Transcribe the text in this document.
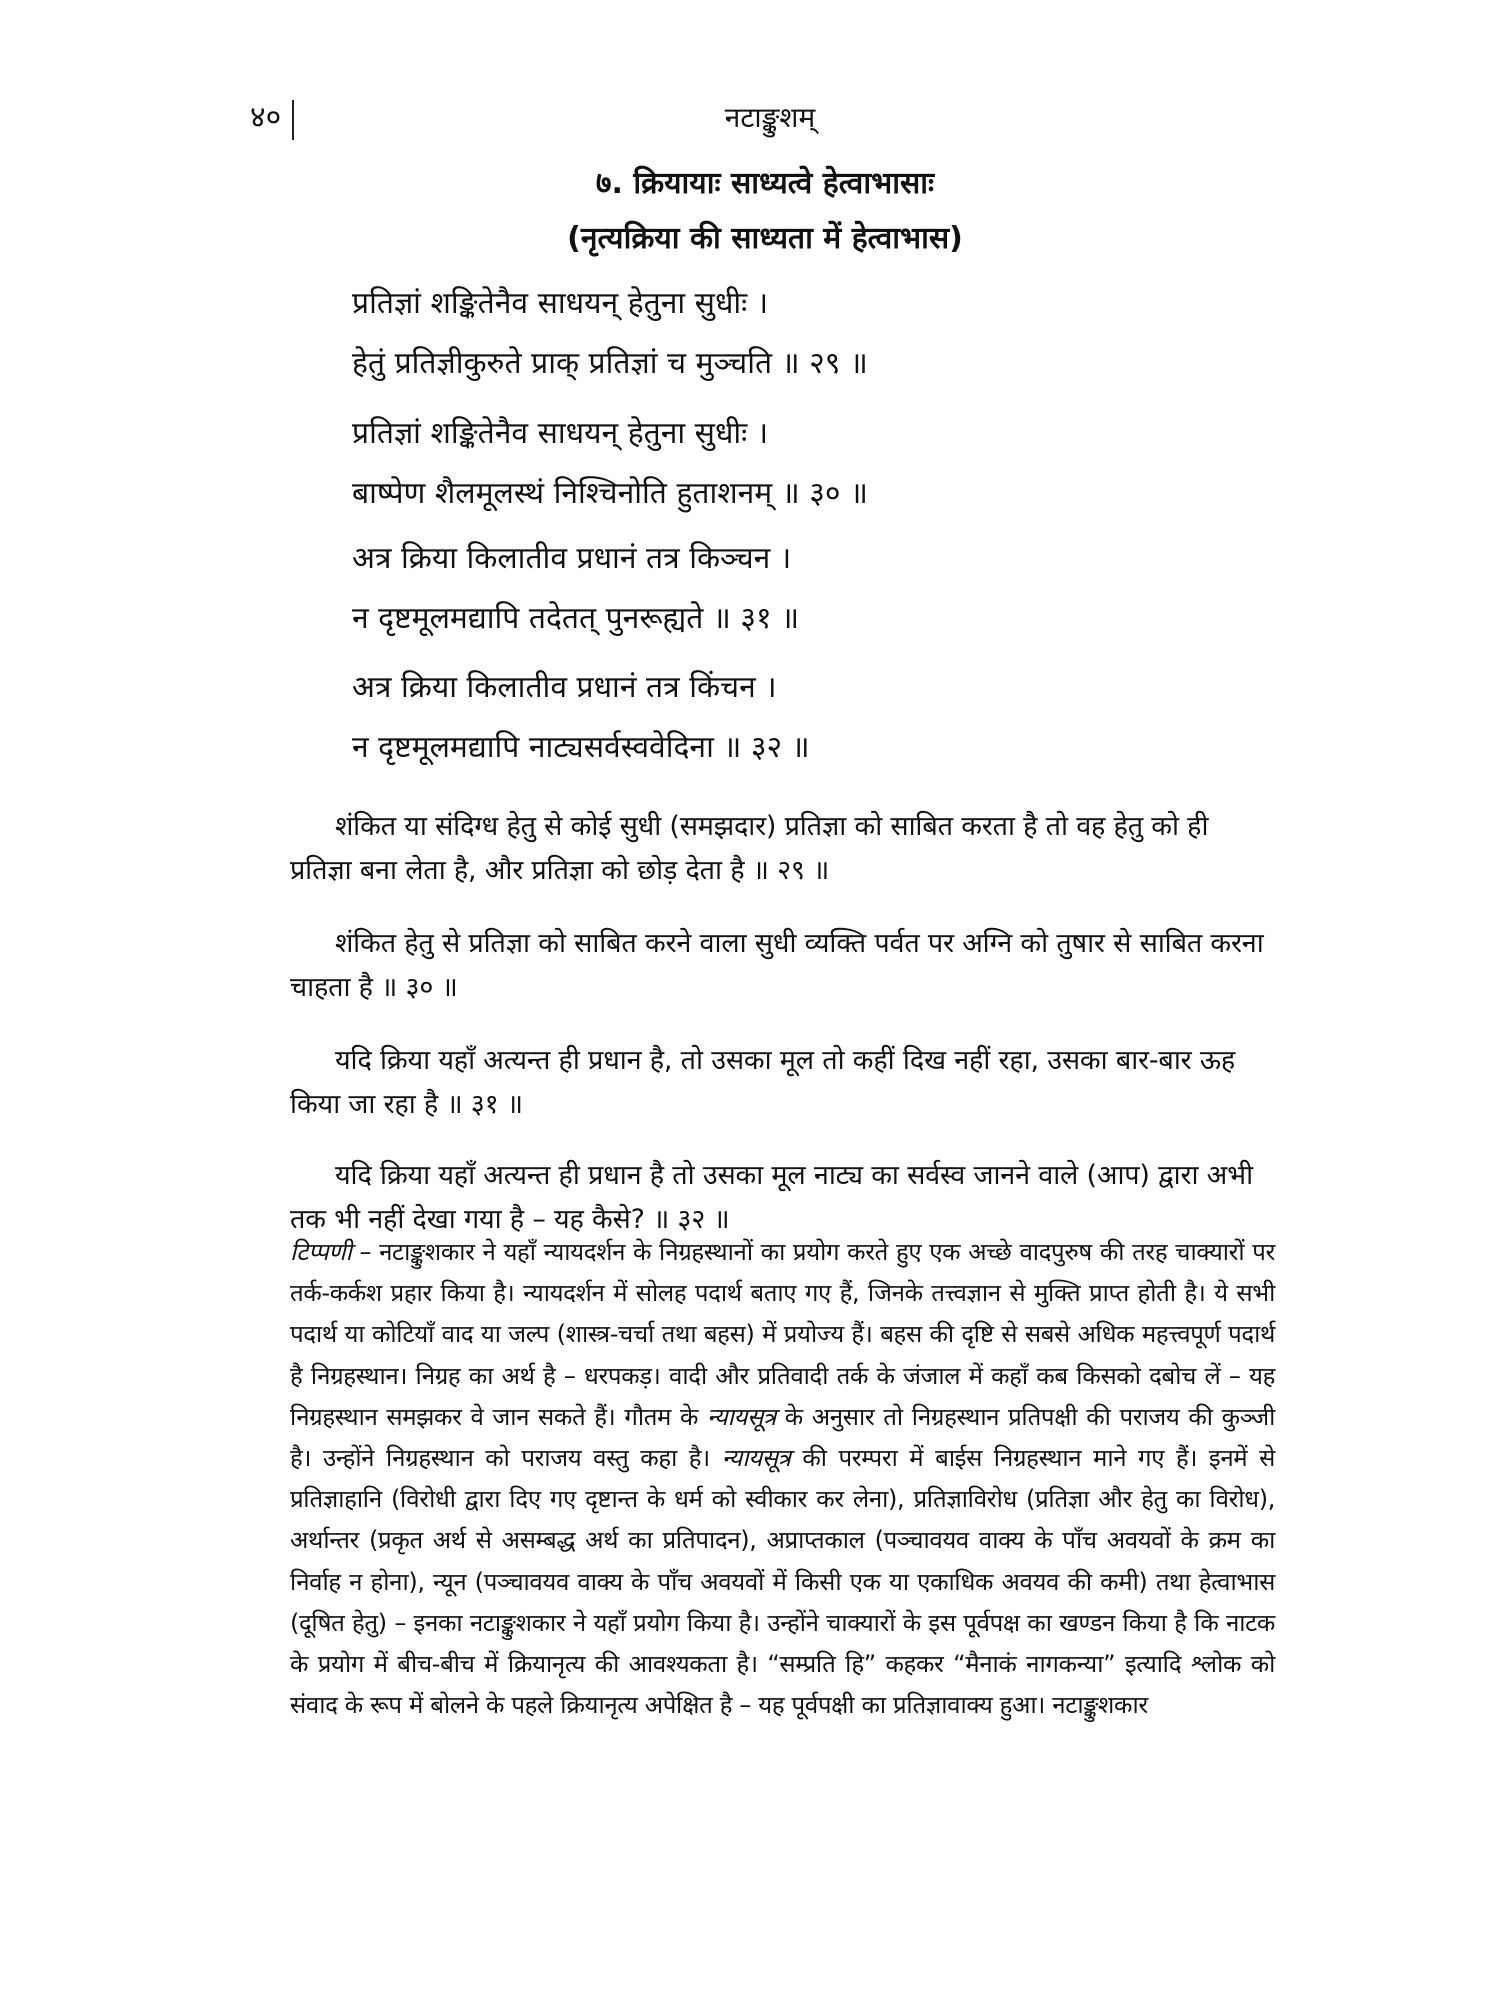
४०	नटाङ्कुशम्
७. क्रियायाः साध्यत्वे हेत्वाभासाः
(नृत्यक्रिया की साध्यता में हेत्वाभास)
प्रतिज्ञां शङ्कितेनैव साधयन् हेतुना सुधीः ।
हेतुं प्रतिज्ञीकुरुते प्राक् प्रतिज्ञां च मुञ्चति ॥ २९ ॥
प्रतिज्ञां शङ्कितेनैव साधयन् हेतुना सुधीः ।
बाष्पेण शैलमूलस्थं निश्चिनोति हुताशनम् ॥ ३० ॥
अत्र क्रिया किलातीव प्रधानं तत्र किञ्चन ।
न दृष्टमूलमद्यापि तदेतत् पुनरूह्यते ॥ ३१ ॥
अत्र क्रिया किलातीव प्रधानं तत्र किंचन ।
न दृष्टमूलमद्यापि नाट्यसर्वस्ववेदिना ॥ ३२ ॥

शंकित या संदिग्ध हेतु से कोई सुधी (समझदार) प्रतिज्ञा को साबित करता है तो वह हेतु को ही प्रतिज्ञा बना लेता है, और प्रतिज्ञा को छोड़ देता है ॥ २९ ॥

शंकित हेतु से प्रतिज्ञा को साबित करने वाला सुधी व्यक्ति पर्वत पर अग्नि को तुषार से साबित करना चाहता है ॥ ३० ॥

यदि क्रिया यहाँ अत्यन्त ही प्रधान है, तो उसका मूल तो कहीं दिख नहीं रहा, उसका बार-बार ऊह किया जा रहा है ॥ ३१ ॥

यदि क्रिया यहाँ अत्यन्त ही प्रधान है तो उसका मूल नाट्य का सर्वस्व जानने वाले (आप) द्वारा अभी तक भी नहीं देखा गया है – यह कैसे? ॥ ३२ ॥

टिप्पणी – नटाङ्कुशकार ने यहाँ न्यायदर्शन के निग्रहस्थानों का प्रयोग करते हुए एक अच्छे वादपुरुष की तरह चाक्यारों पर तर्क-कर्कश प्रहार किया है। न्यायदर्शन में सोलह पदार्थ बताए गए हैं, जिनके तत्त्वज्ञान से मुक्ति प्राप्त होती है। ये सभी पदार्थ या कोटियाँ वाद या जल्प (शास्त्र-चर्चा तथा बहस) में प्रयोज्य हैं। बहस की दृष्टि से सबसे अधिक महत्त्वपूर्ण पदार्थ है निग्रहस्थान। निग्रह का अर्थ है – धरपकड़। वादी और प्रतिवादी तर्क के जंजाल में कहाँ कब किसको दबोच लें – यह निग्रहस्थान समझकर वे जान सकते हैं। गौतम के न्यायसूत्र के अनुसार तो निग्रहस्थान प्रतिपक्षी की पराजय की कुञ्जी है। उन्होंने निग्रहस्थान को पराजय वस्तु कहा है। न्यायसूत्र की परम्परा में बाईस निग्रहस्थान माने गए हैं। इनमें से प्रतिज्ञाहानि (विरोधी द्वारा दिए गए दृष्टान्त के धर्म को स्वीकार कर लेना), प्रतिज्ञाविरोध (प्रतिज्ञा और हेतु का विरोध), अर्थान्तर (प्रकृत अर्थ से असम्बद्ध अर्थ का प्रतिपादन), अप्राप्तकाल (पञ्चावयव वाक्य के पाँच अवयवों के क्रम का निर्वाह न होना), न्यून (पञ्चावयव वाक्य के पाँच अवयवों में किसी एक या एकाधिक अवयव की कमी) तथा हेत्वाभास (दूषित हेतु) – इनका नटाङ्कुशकार ने यहाँ प्रयोग किया है। उन्होंने चाक्यारों के इस पूर्वपक्ष का खण्डन किया है कि नाटक के प्रयोग में बीच-बीच में क्रियानृत्य की आवश्यकता है। “सम्प्रति हि” कहकर “मैनाकं नागकन्या” इत्यादि श्लोक को संवाद के रूप में बोलने के पहले क्रियानृत्य अपेक्षित है – यह पूर्वपक्षी का प्रतिज्ञावाक्य हुआ। नटाङ्कुशकार
